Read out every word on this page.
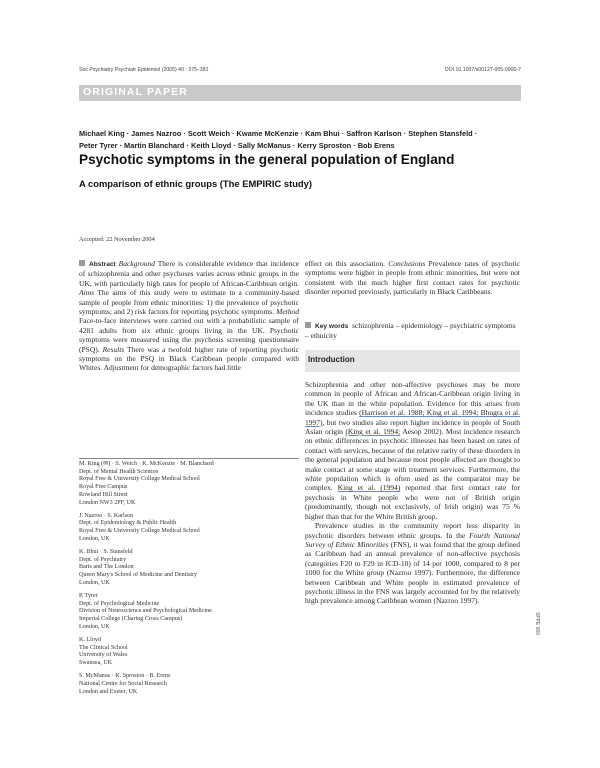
Soc Psychiatry Psychiatr Epidemiol (2005) 40 : 375–381	DOI 10.1007/s00127-005-0900-7
ORIGINAL PAPER
Michael King · James Nazroo · Scott Weich · Kwame McKenzie · Kam Bhui · Saffron Karlson · Stephen Stansfeld ·
Peter Tyrer · Martin Blanchard · Keith Lloyd · Sally McManus · Kerry Sproston · Bob Erens
Psychotic symptoms in the general population of England
A comparison of ethnic groups (The EMPIRIC study)
Accepted: 22 November 2004

Abstract Background There is considerable evidence that incidence of schizophrenia and other psychoses varies across ethnic groups in the UK, with particularly high rates for people of African-Caribbean origin. Aims The aims of this study were to estimate in a community-based sample of people from ethnic minorities: 1) the prevalence of psychotic symptoms; and 2) risk factors for reporting psychotic symptoms. Method Face-to-face interviews were carried out with a probabilistic sample of 4281 adults from six ethnic groups living in the UK. Psychotic symptoms were measured using the psychosis screening questionnaire (PSQ). Results There was a twofold higher rate of reporting psychotic symptoms on the PSQ in Black Caribbean people compared with Whites. Adjustment for demographic factors had little

effect on this association. Conclusions Prevalence rates of psychotic symptoms were higher in people from ethnic minorities, but were not consistent with the much higher first contact rates for psychotic disorder reported previously, particularly in Black Caribbeans.

Key words schizophrenia – epidemiology – psychiatric symptoms – ethnicity

Introduction

Schizophrenia and other non-affective psychoses may be more common in people of African and African-Caribbean origin living in the UK than in the white population. Evidence for this arises from incidence studies (Harrison et al. 1988; King et al. 1994; Bhugra et al. 1997), but two studies also report higher incidence in people of South Asian origin (King et al. 1994; Aesop 2002). Most incidence research on ethnic differences in psychotic illnesses has been based on rates of contact with services, because of the relative rarity of these disorders in the general population and because most people affected are thought to make contact at some stage with treatment services. Furthermore, the white population which is often used as the comparator may be complex. King et al. (1994) reported that first contact rate for psychosis in White people who were not of British origin (predominantly, though not exclusively, of Irish origin) was 75 % higher than that for the White British group.

Prevalence studies in the community report less disparity in psychotic disorders between ethnic groups. In the Fourth National Survey of Ethnic Minorities (FNS), it was found that the group defined as Caribbean had an annual prevalence of non-affective psychosis (categories F20 to F29 in ICD-10) of 14 per 1000, compared to 8 per 1000 for the White group (Nazroo 1997). Furthermore, the difference between Caribbean and White people in estimated prevalence of psychotic illness in the FNS was largely accounted for by the relatively high prevalence among Caribbean women (Nazroo 1997).

M. King (✉) · S. Weich · K. McKenzie · M. Blanchard
Dept. of Mental Health Sciences
Royal Free & University College Medical School
Royal Free Campus
Rowland Hill Street
London NW3 2PF, UK
J. Nazroo · S. Karlson
Dept. of Epidemiology & Public Health
Royal Free & University College Medical School
London, UK
K. Bhui · S. Stansfeld
Dept. of Psychiatry
Barts and The London
Queen Mary's School of Medicine and Dentistry
London, UK
P. Tyrer
Dept. of Psychological Medicine
Division of Neuroscience and Psychological Medicine
Imperial College (Charing Cross Campus)
London, UK
K. Lloyd
The Clinical School
University of Wales
Swansea, UK
S. McManus · K. Sproston · B. Erens
National Centre for Social Research
London and Exeter, UK
SPPE 900
